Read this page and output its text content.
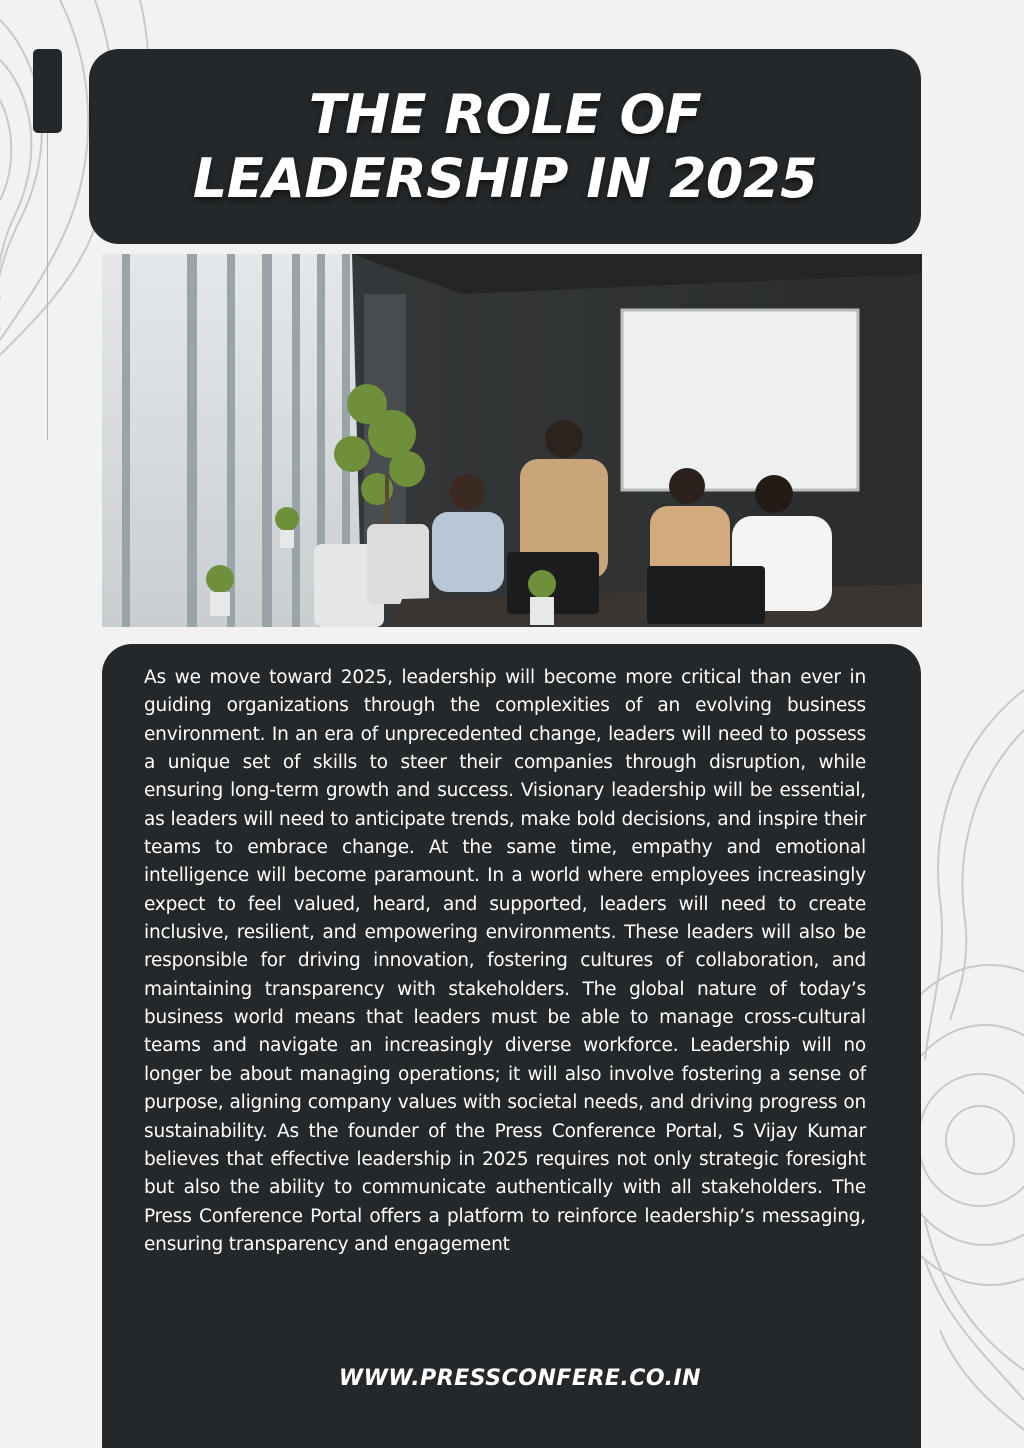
THE ROLE OF LEADERSHIP IN 2025

As we move toward 2025, leadership will become more critical than ever in guiding organizations through the complexities of an evolving business environment. In an era of unprecedented change, leaders will need to possess a unique set of skills to steer their companies through disruption, while ensuring long-term growth and success. Visionary leadership will be essential, as leaders will need to anticipate trends, make bold decisions, and inspire their teams to embrace change. At the same time, empathy and emotional intelligence will become paramount. In a world where employees increasingly expect to feel valued, heard, and supported, leaders will need to create inclusive, resilient, and empowering environments. These leaders will also be responsible for driving innovation, fostering cultures of collaboration, and maintaining transparency with stakeholders. The global nature of today’s business world means that leaders must be able to manage cross-cultural teams and navigate an increasingly diverse workforce. Leadership will no longer be about managing operations; it will also involve fostering a sense of purpose, aligning company values with societal needs, and driving progress on sustainability. As the founder of the Press Conference Portal, S Vijay Kumar believes that effective leadership in 2025 requires not only strategic foresight but also the ability to communicate authentically with all stakeholders. The Press Conference Portal offers a platform to reinforce leadership’s messaging, ensuring transparency and engagement

WWW.PRESSCONFERE.CO.IN
